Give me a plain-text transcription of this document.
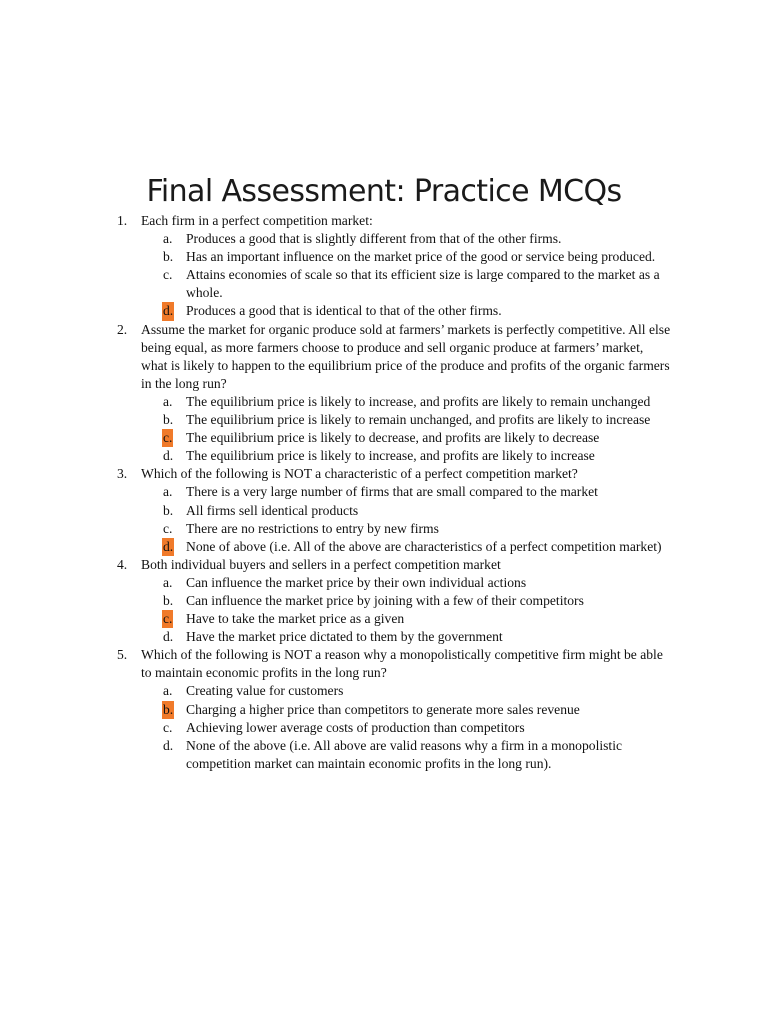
Final Assessment: Practice MCQs
1. Each firm in a perfect competition market:
a. Produces a good that is slightly different from that of the other firms.
b. Has an important influence on the market price of the good or service being produced.
c. Attains economies of scale so that its efficient size is large compared to the market as a whole.
d. Produces a good that is identical to that of the other firms.
2. Assume the market for organic produce sold at farmers’ markets is perfectly competitive. All else being equal, as more farmers choose to produce and sell organic produce at farmers’ market, what is likely to happen to the equilibrium price of the produce and profits of the organic farmers in the long run?
a. The equilibrium price is likely to increase, and profits are likely to remain unchanged
b. The equilibrium price is likely to remain unchanged, and profits are likely to increase
c. The equilibrium price is likely to decrease, and profits are likely to decrease
d. The equilibrium price is likely to increase, and profits are likely to increase
3. Which of the following is NOT a characteristic of a perfect competition market?
a. There is a very large number of firms that are small compared to the market
b. All firms sell identical products
c. There are no restrictions to entry by new firms
d. None of above (i.e. All of the above are characteristics of a perfect competition market)
4. Both individual buyers and sellers in a perfect competition market
a. Can influence the market price by their own individual actions
b. Can influence the market price by joining with a few of their competitors
c. Have to take the market price as a given
d. Have the market price dictated to them by the government
5. Which of the following is NOT a reason why a monopolistically competitive firm might be able to maintain economic profits in the long run?
a. Creating value for customers
b. Charging a higher price than competitors to generate more sales revenue
c. Achieving lower average costs of production than competitors
d. None of the above (i.e. All above are valid reasons why a firm in a monopolistic competition market can maintain economic profits in the long run).
